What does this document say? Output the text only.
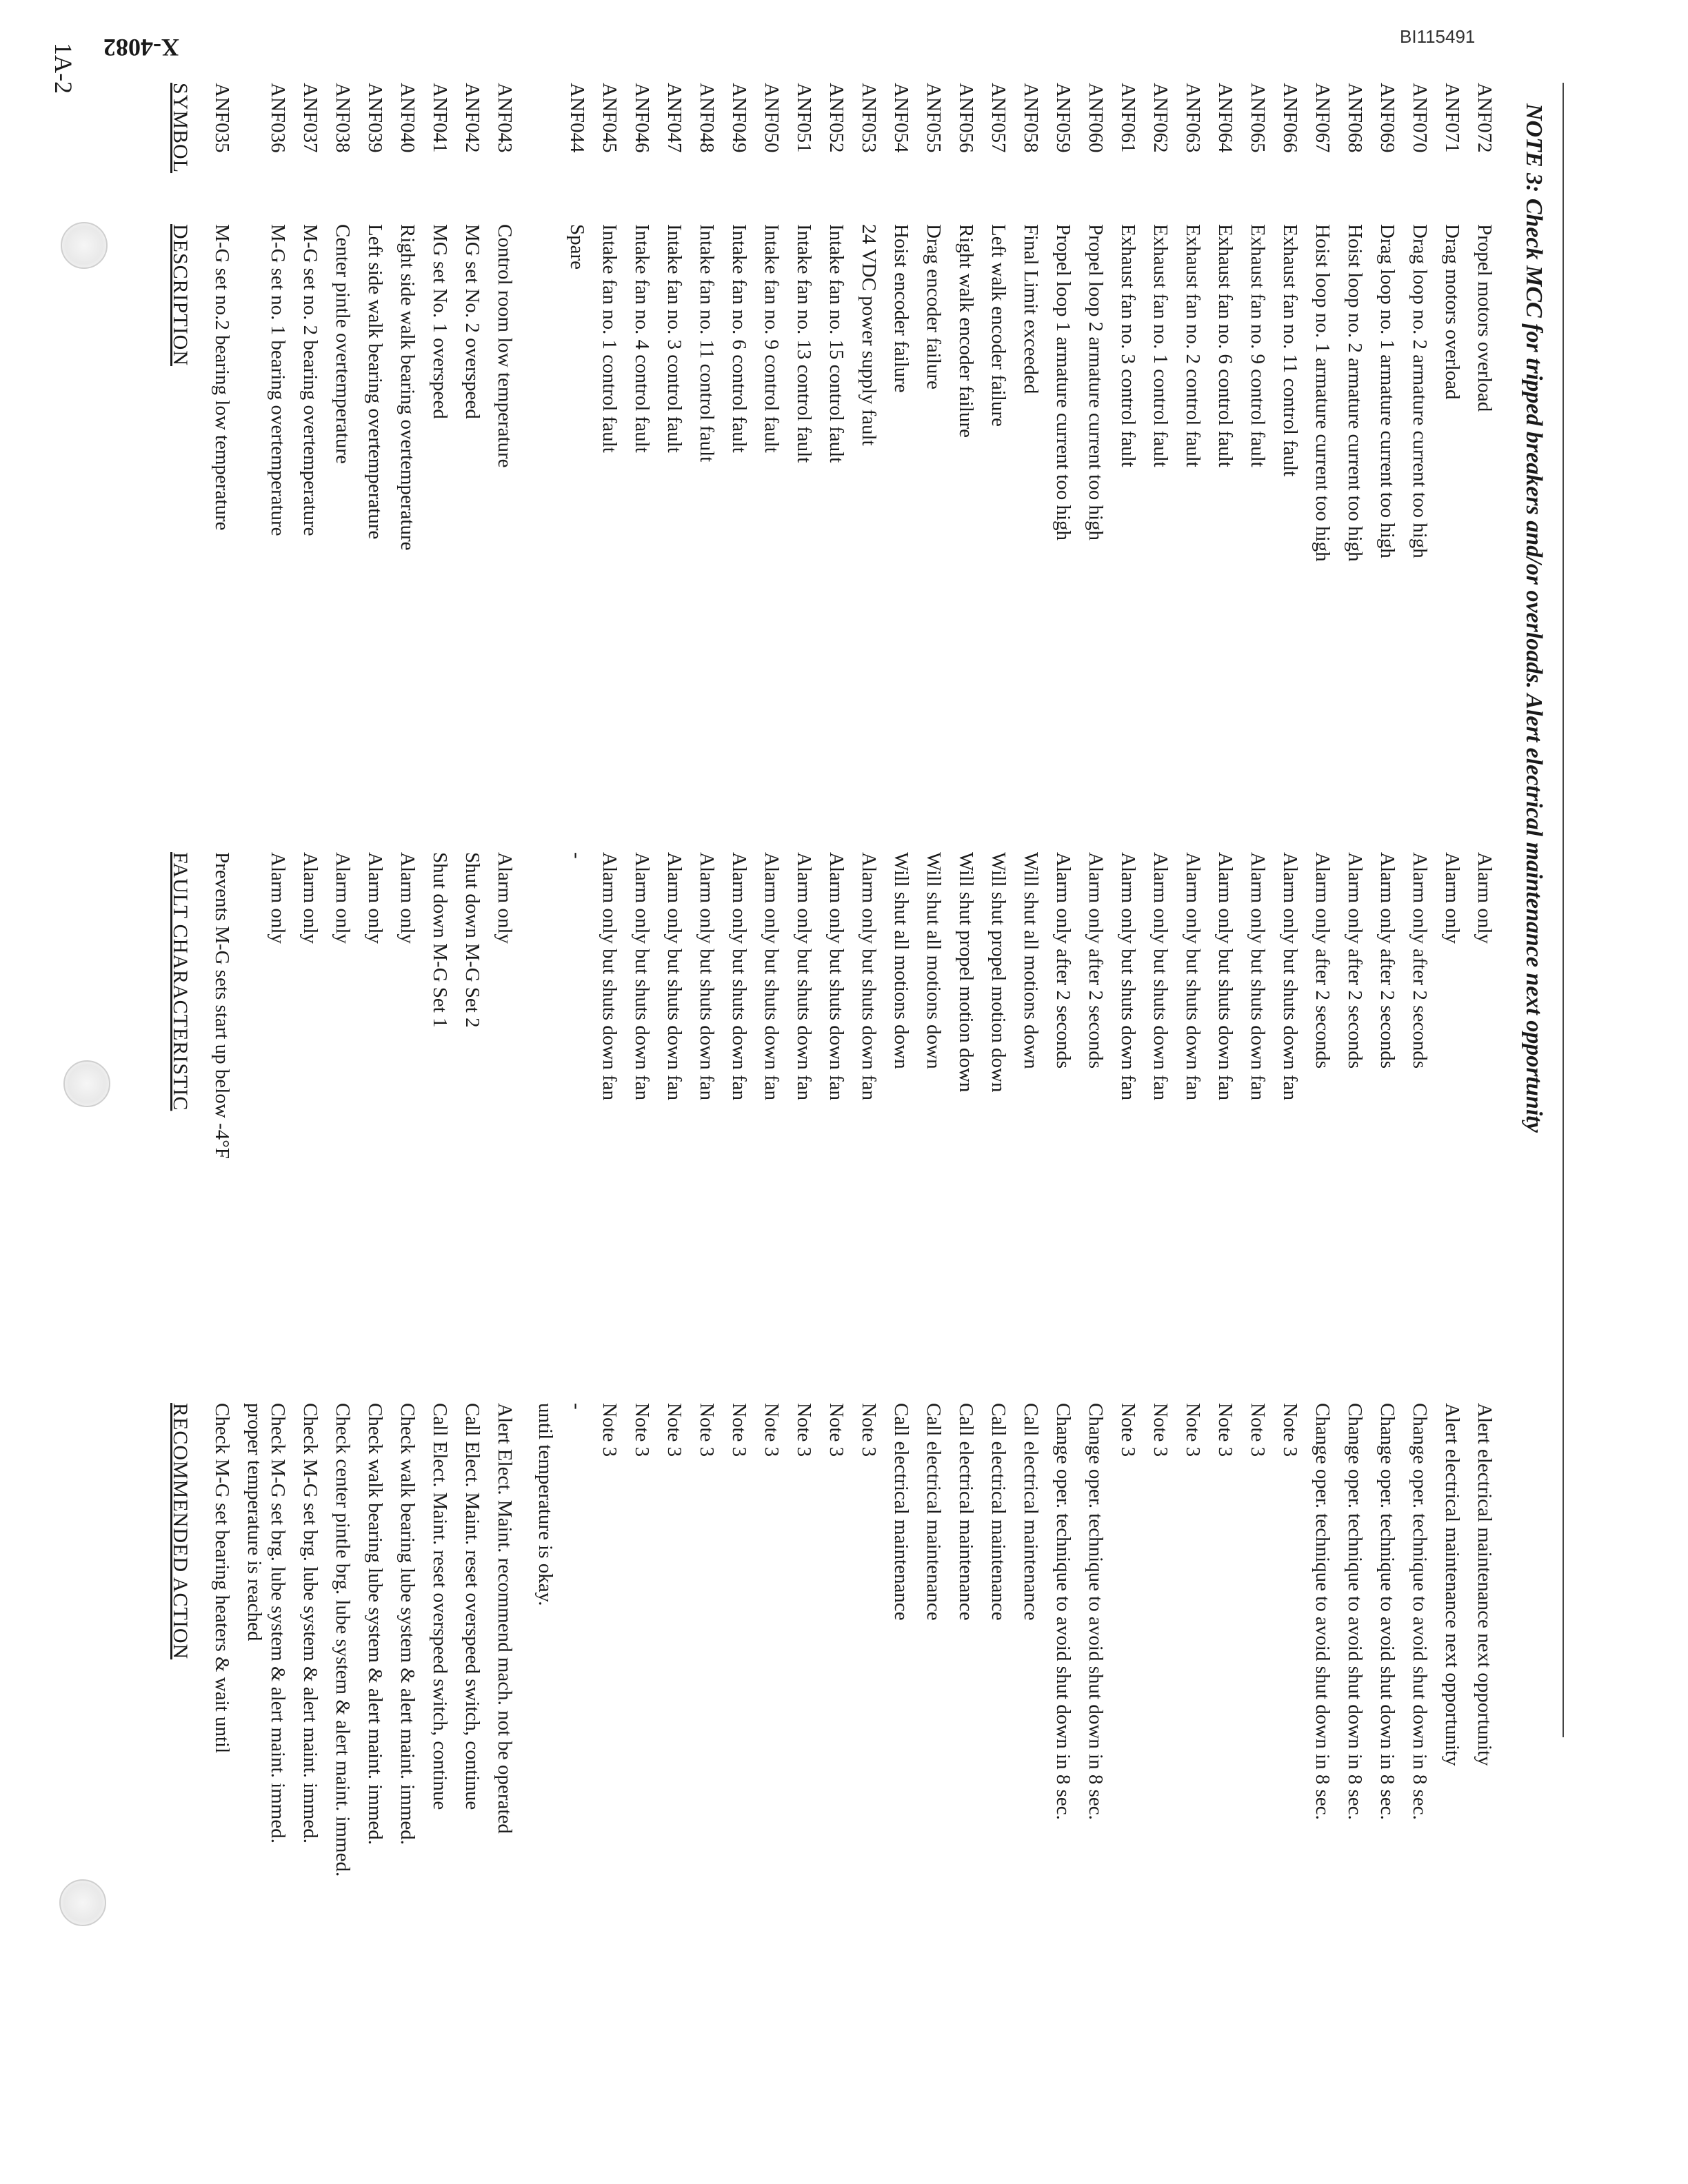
BI115491
X-4082
1A-2
SYMBOL
DESCRIPTION
FAULT CHARACTERISTIC
RECOMMENDED ACTION
ANF035
M-G set no.2 bearing low temperature
Prevents M-G sets start up below -4°F
Check M-G set bearing heaters & wait until proper temperature is reached
ANF036
M-G set no. 1 bearing overtemperature
Alarm only
Check M-G set brg. lube system & alert maint. immed.
ANF037
M-G set no. 2 bearing overtemperature
Alarm only
Check M-G set brg. lube system & alert maint. immed.
ANF038
Center pintle overtemperature
Alarm only
Check center pintle brg. lube system & alert maint. immed.
ANF039
Left side walk bearing overtemperature
Alarm only
Check walk bearing lube system & alert maint. immed.
ANF040
Right side walk bearing overtemperature
Alarm only
Check walk bearing lube system & alert maint. immed.
ANF041
MG set No. 1 overspeed
Shut down M-G Set 1
Call Elect. Maint. reset overspeed switch, continue
ANF042
MG set No. 2 overspeed
Shut down M-G Set 2
Call Elect. Maint. reset overspeed switch, continue
ANF043
Control room low temperature
Alarm only
Alert Elect. Maint. recommend mach. not be operated until temperature is okay.
ANF044
Spare
-
-
ANF045
Intake fan no. 1 control fault
Alarm only but shuts down fan
Note 3
ANF046
Intake fan no. 4 control fault
Alarm only but shuts down fan
Note 3
ANF047
Intake fan no. 3 control fault
Alarm only but shuts down fan
Note 3
ANF048
Intake fan no. 11 control fault
Alarm only but shuts down fan
Note 3
ANF049
Intake fan no. 6 control fault
Alarm only but shuts down fan
Note 3
ANF050
Intake fan no. 9 control fault
Alarm only but shuts down fan
Note 3
ANF051
Intake fan no. 13 control fault
Alarm only but shuts down fan
Note 3
ANF052
Intake fan no. 15 control fault
Alarm only but shuts down fan
Note 3
ANF053
24 VDC power supply fault
Alarm only but shuts down fan
Note 3
ANF054
Hoist encoder failure
Will shut all motions down
Call electrical maintenance
ANF055
Drag encoder failure
Will shut all motions down
Call electrical maintenance
ANF056
Right walk encoder failure
Will shut propel motion down
Call electrical maintenance
ANF057
Left walk encoder failure
Will shut propel motion down
Call electrical maintenance
ANF058
Final Limit exceeded
Will shut all motions down
Call electrical maintenance
ANF059
Propel loop 1 armature current too high
Alarm only after 2 seconds
Change oper. technique to avoid shut down in 8 sec.
ANF060
Propel loop 2 armature current too high
Alarm only after 2 seconds
Change oper. technique to avoid shut down in 8 sec.
ANF061
Exhaust fan no. 3 control fault
Alarm only but shuts down fan
Note 3
ANF062
Exhaust fan no. 1 control fault
Alarm only but shuts down fan
Note 3
ANF063
Exhaust fan no. 2 control fault
Alarm only but shuts down fan
Note 3
ANF064
Exhaust fan no. 6 control fault
Alarm only but shuts down fan
Note 3
ANF065
Exhaust fan no. 9 control fault
Alarm only but shuts down fan
Note 3
ANF066
Exhaust fan no. 11 control fault
Alarm only but shuts down fan
Note 3
ANF067
Hoist loop no. 1 armature current too high
Alarm only after 2 seconds
Change oper. technique to avoid shut down in 8 sec.
ANF068
Hoist loop no. 2 armature current too high
Alarm only after 2 seconds
Change oper. technique to avoid shut down in 8 sec.
ANF069
Drag loop no. 1 armature current too high
Alarm only after 2 seconds
Change oper. technique to avoid shut down in 8 sec.
ANF070
Drag loop no. 2 armature current too high
Alarm only after 2 seconds
Change oper. technique to avoid shut down in 8 sec.
ANF071
Drag motors overload
Alarm only
Alert electrical maintenance next opportunity
ANF072
Propel motors overload
Alarm only
Alert electrical maintenance next opportunity
NOTE 3: Check MCC for tripped breakers and/or overloads. Alert electrical maintenance next opportunity
